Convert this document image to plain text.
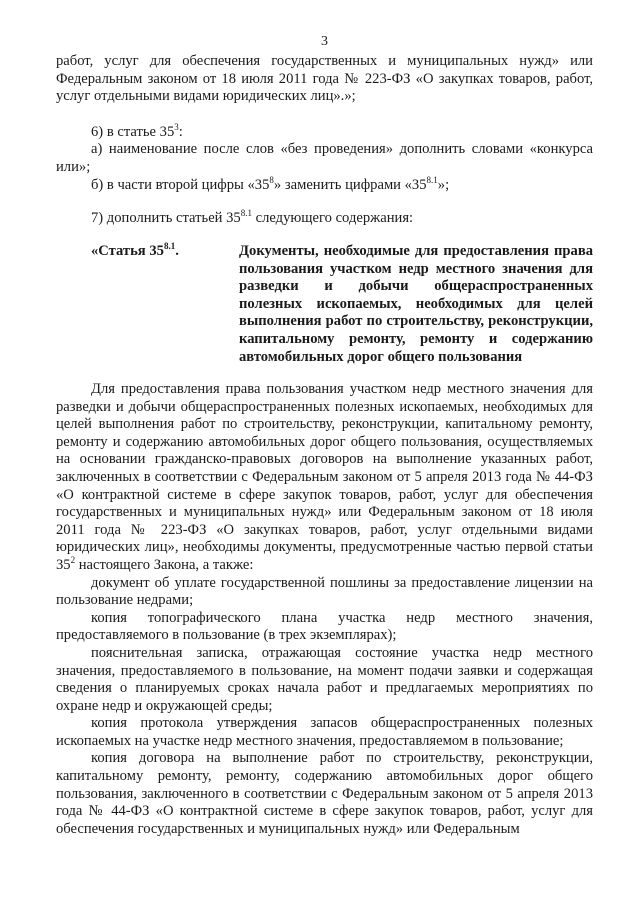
3

работ, услуг для обеспечения государственных и муниципальных нужд» или

Федеральным законом от 18 июля 2011 года № 223-ФЗ «О закупках товаров, работ,

услуг отдельными видами юридических лиц».»;

6) в статье $35^3$:

а) наименование после слов «без проведения» дополнить словами «конкурса или»;

б) в части второй цифры «$35^8$» заменить цифрами «$35^{8.1}$»;
7) дополнить статьей $35^{8.1}$ следующего содержания:
«Статья $35^{8.1}$.	Документы, необходимые для предоставления права пользования участком недр местного значения для разведки и добычи общераспространенных полезных ископаемых, необходимых для целей выполнения работ по строительству, реконструкции, капитальному ремонту, ремонту и содержанию автомобильных дорог общего пользования

Для предоставления права пользования участком недр местного значения для разведки и добычи общераспространенных полезных ископаемых, необходимых для целей выполнения работ по строительству, реконструкции, капитальному ремонту, ремонту и содержанию автомобильных дорог общего пользования, осуществляемых на основании гражданско-правовых договоров на выполнение указанных работ, заключенных в соответствии с Федеральным законом от 5 апреля 2013 года № 44-ФЗ «О контрактной системе в сфере закупок товаров, работ, услуг для обеспечения государственных и муниципальных нужд» или Федеральным законом от 18 июля 2011 года № 223-ФЗ «О закупках товаров, работ, услуг отдельными видами юридических лиц», необходимы документы, предусмотренные частью первой статьи $35^2$ настоящего Закона, а также:

документ об уплате государственной пошлины за предоставление лицензии на пользование недрами;

копия топографического плана участка недр местного значения, предоставляемого в пользование (в трех экземплярах);

пояснительная записка, отражающая состояние участка недр местного значения, предоставляемого в пользование, на момент подачи заявки и содержащая сведения о планируемых сроках начала работ и предлагаемых мероприятиях по охране недр и окружающей среды;

копия протокола утверждения запасов общераспространенных полезных ископаемых на участке недр местного значения, предоставляемом в пользование;

копия договора на выполнение работ по строительству, реконструкции, капитальному ремонту, ремонту, содержанию автомобильных дорог общего пользования, заключенного в соответствии с Федеральным законом от 5 апреля 2013 года № 44-ФЗ «О контрактной системе в сфере закупок товаров, работ, услуг для обеспечения государственных и муниципальных нужд» или Федеральным
